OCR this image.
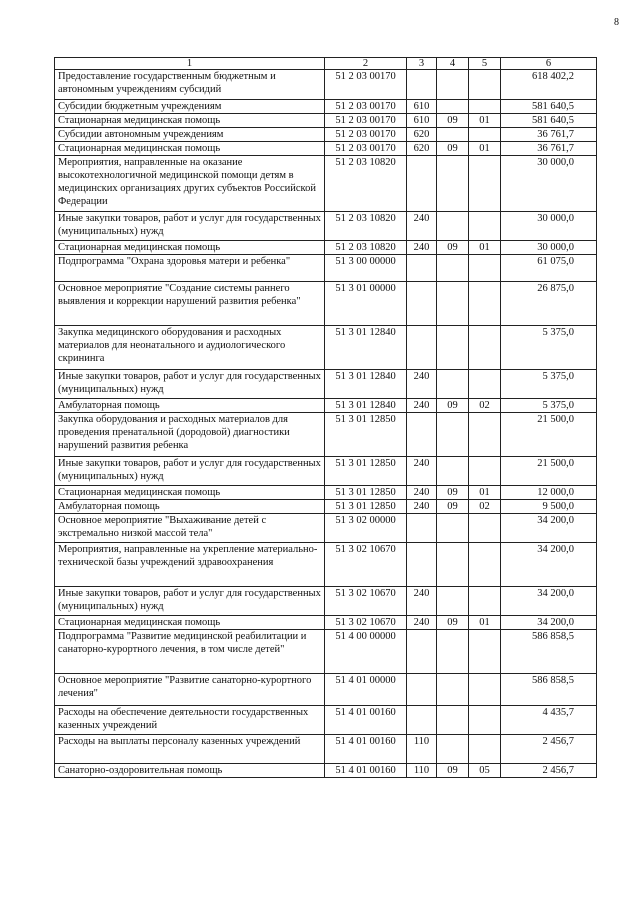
8
1	2	3	4	5	6
Предоставление государственным бюджетным и автономным учреждениям субсидий	51 2 03 00170				618 402,2
Субсидии бюджетным учреждениям	51 2 03 00170	610			581 640,5
Стационарная медицинская помощь	51 2 03 00170	610	09	01	581 640,5
Субсидии автономным учреждениям	51 2 03 00170	620			36 761,7
Стационарная медицинская помощь	51 2 03 00170	620	09	01	36 761,7
Мероприятия, направленные на оказание высокотехнологичной медицинской помощи детям в медицинских организациях других субъектов Российской Федерации	51 2 03 10820				30 000,0
Иные закупки товаров, работ и услуг для государственных (муниципальных) нужд	51 2 03 10820	240			30 000,0
Стационарная медицинская помощь	51 2 03 10820	240	09	01	30 000,0
Подпрограмма "Охрана здоровья матери и ребенка"	51 3 00 00000				61 075,0
Основное мероприятие "Создание системы раннего выявления и коррекции нарушений развития ребенка"	51 3 01 00000				26 875,0
Закупка медицинского оборудования и расходных материалов для неонатального и аудиологического скрининга	51 3 01 12840				5 375,0
Иные закупки товаров, работ и услуг для государственных (муниципальных) нужд	51 3 01 12840	240			5 375,0
Амбулаторная помощь	51 3 01 12840	240	09	02	5 375,0
Закупка оборудования и расходных материалов для проведения пренатальной (дородовой) диагностики нарушений развития ребенка	51 3 01 12850				21 500,0
Иные закупки товаров, работ и услуг для государственных (муниципальных) нужд	51 3 01 12850	240			21 500,0
Стационарная медицинская помощь	51 3 01 12850	240	09	01	12 000,0
Амбулаторная помощь	51 3 01 12850	240	09	02	9 500,0
Основное мероприятие "Выхаживание детей с экстремально низкой массой тела"	51 3 02 00000				34 200,0
Мероприятия, направленные на укрепление материально-технической базы учреждений здравоохранения	51 3 02 10670				34 200,0
Иные закупки товаров, работ и услуг для государственных (муниципальных) нужд	51 3 02 10670	240			34 200,0
Стационарная медицинская помощь	51 3 02 10670	240	09	01	34 200,0
Подпрограмма "Развитие медицинской реабилитации и санаторно-курортного лечения, в том числе детей"	51 4 00 00000				586 858,5
Основное мероприятие "Развитие санаторно-курортного лечения"	51 4 01 00000				586 858,5
Расходы на обеспечение деятельности государственных казенных учреждений	51 4 01 00160				4 435,7
Расходы на выплаты персоналу казенных учреждений	51 4 01 00160	110			2 456,7
Санаторно-оздоровительная помощь	51 4 01 00160	110	09	05	2 456,7
